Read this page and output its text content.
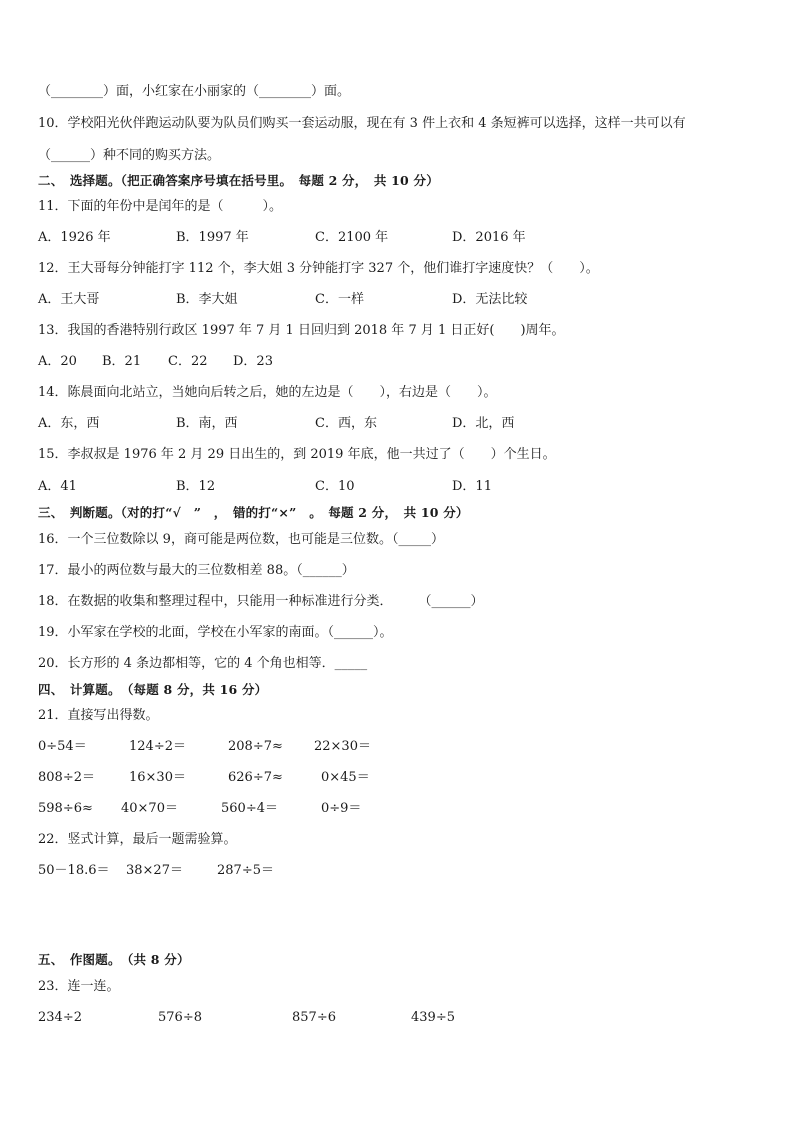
（________）面，小红家在小丽家的（________）面。
10．学校阳光伙伴跑运动队要为队员们购买一套运动服，现在有 3 件上衣和 4 条短裤可以选择，这样一共可以有
（______）种不同的购买方法。
二、　选择题。（把正确答案序号填在括号里。　每题 2 分，　共 10 分）
11．下面的年份中是闰年的是（　　　）。
A．1926 年	B．1997 年	C．2100 年	D．2016 年
12．王大哥每分钟能打字 112 个，李大姐 3 分钟能打字 327 个，他们谁打字速度快？（　　）。
A．王大哥	B．李大姐	C．一样	D．无法比较
13．我国的香港特别行政区 1997 年 7 月 1 日回归到 2018 年 7 月 1 日正好(　　)周年。
A．20 B．21 C．22 D．23
14．陈晨面向北站立，当她向后转之后，她的左边是（　　），右边是（　　）。
A．东，西	B．南，西	C．西，东	D．北，西
15．李叔叔是 1976 年 2 月 29 日出生的，到 2019 年底，他一共过了（　　）个生日。
A．41	B．12	C．10	D．11
三、　判断题。（对的打“√　”　，　错的打“×”　。　每题 2 分，　共 10 分）
16．一个三位数除以 9，商可能是两位数，也可能是三位数。（_____）
17．最小的两位数与最大的三位数相差 88。（______）
18．在数据的收集和整理过程中，只能用一种标准进行分类．　　　（______）
19．小军家在学校的北面，学校在小军家的南面。（______）。
20．长方形的 4 条边都相等，它的 4 个角也相等．_____
四、　计算题。　（每题 8 分，共 16 分）
21．直接写出得数。
0÷54＝	124÷2＝	208÷7≈ 22×30＝
808÷2＝	16×30＝	626÷7≈	0×45＝
598÷6≈ 40×70＝	560÷4＝	0÷9＝
22．竖式计算，最后一题需验算。
50－18.6＝ 38×27＝	287÷5＝
五、　作图题。　（共 8 分）
23．连一连。
234÷2	576÷8	857÷6	439÷5
